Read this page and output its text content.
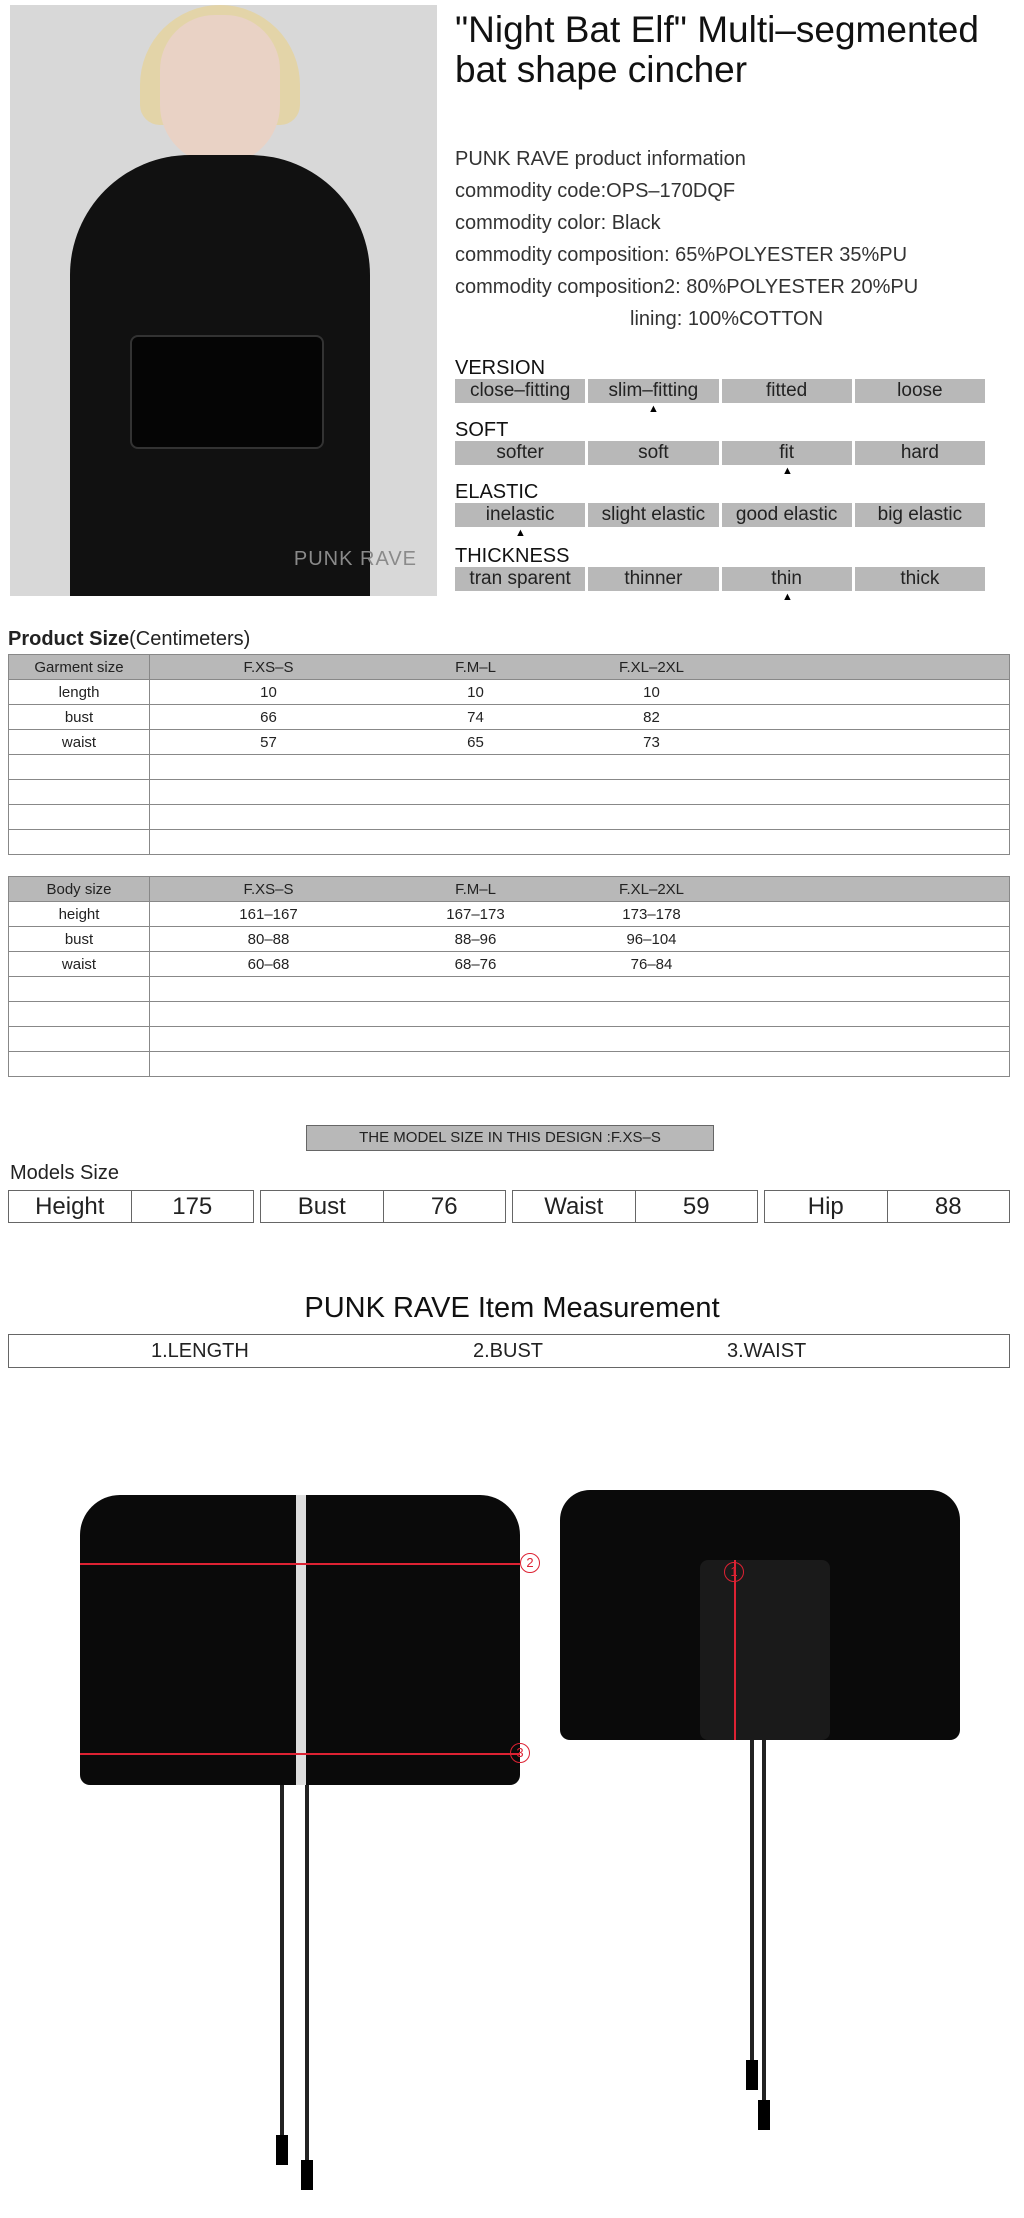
PUNK RAVE
"Night Bat Elf" Multi–segmented bat shape cincher
PUNK RAVE product information
commodity code:OPS–170DQF
commodity color: Black
commodity composition: 65%POLYESTER 35%PU
commodity composition2: 80%POLYESTER 20%PU
lining: 100%COTTON
VERSION
close–fitting	slim–fitting	fitted	loose
▲
SOFT
softer	soft	fit	hard
▲
ELASTIC
inelastic	slight elastic	good elastic	big elastic
▲
THICKNESS
tran sparent	thinner	thin	thick
▲
Product Size(Centimeters)
Garment size	F.XS–S F.M–L F.XL–2XL

length	10 10 10

bust	66 74 82

waist	57 65 73

Body size	F.XS–S F.M–L F.XL–2XL

height	161–167 167–173 173–178

bust	80–88 88–96 96–104

waist	60–68 68–76 76–84

THE MODEL SIZE IN THIS DESIGN :F.XS–S
Models Size
Height	175	Bust	76	Waist	59	Hip	88
PUNK RAVE Item Measurement
1.LENGTH	2.BUST	3.WAIST
2
3
1
